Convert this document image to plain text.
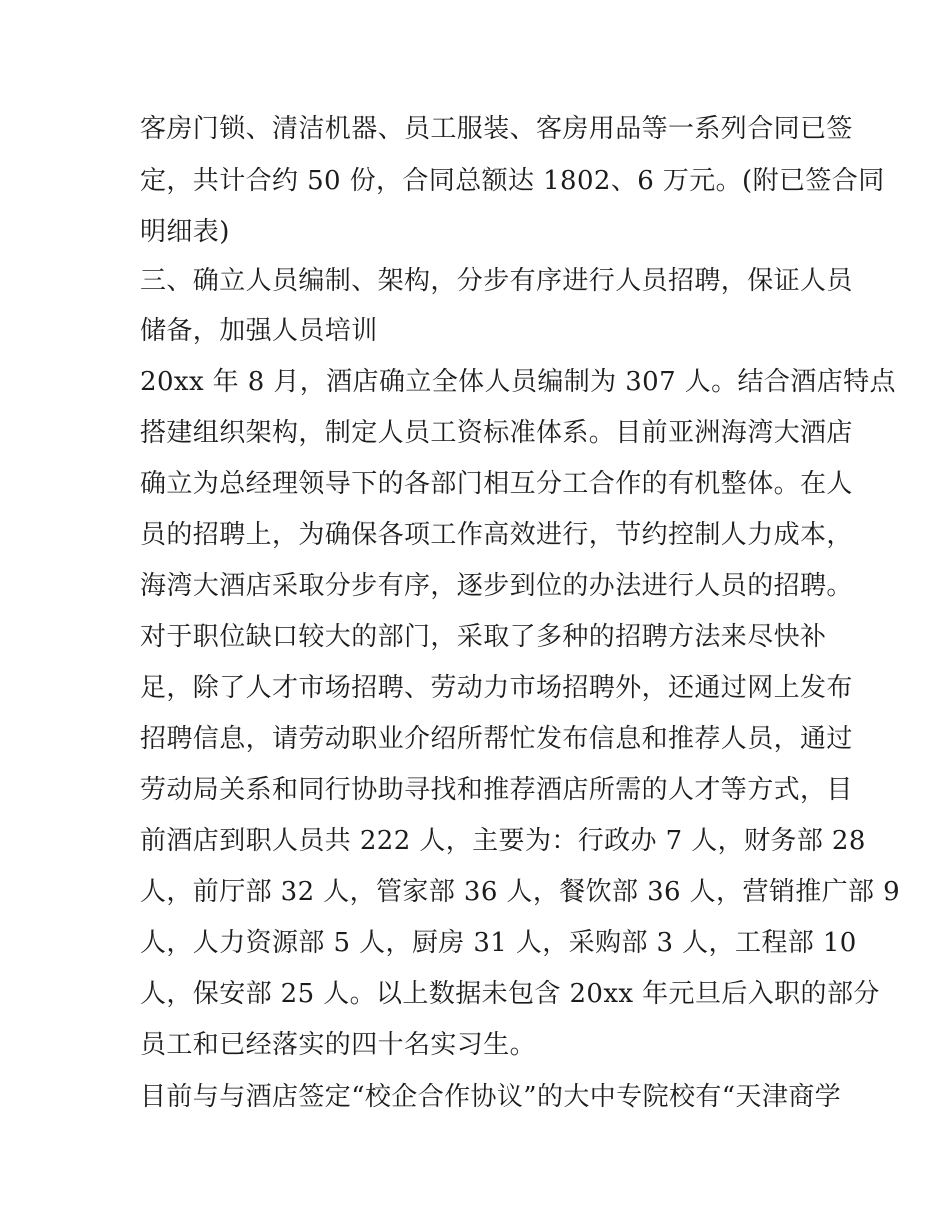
客房门锁、清洁机器、员工服装、客房用品等一系列合同已签
定，共计合约 50 份，合同总额达 1802、6 万元。(附已签合同
明细表)
三、确立人员编制、架构，分步有序进行人员招聘，保证人员
储备，加强人员培训
20xx 年 8 月，酒店确立全体人员编制为 307 人。结合酒店特点
搭建组织架构，制定人员工资标准体系。目前亚洲海湾大酒店
确立为总经理领导下的各部门相互分工合作的有机整体。在人
员的招聘上，为确保各项工作高效进行，节约控制人力成本，
海湾大酒店采取分步有序，逐步到位的办法进行人员的招聘。
对于职位缺口较大的部门，采取了多种的招聘方法来尽快补
足，除了人才市场招聘、劳动力市场招聘外，还通过网上发布
招聘信息，请劳动职业介绍所帮忙发布信息和推荐人员，通过
劳动局关系和同行协助寻找和推荐酒店所需的人才等方式，目
前酒店到职人员共 222 人，主要为：行政办 7 人，财务部 28
人，前厅部 32 人，管家部 36 人，餐饮部 36 人，营销推广部 9
人，人力资源部 5 人，厨房 31 人，采购部 3 人，工程部 10
人，保安部 25 人。以上数据未包含 20xx 年元旦后入职的部分
员工和已经落实的四十名实习生。
目前与与酒店签定“校企合作协议”的大中专院校有“天津商学
